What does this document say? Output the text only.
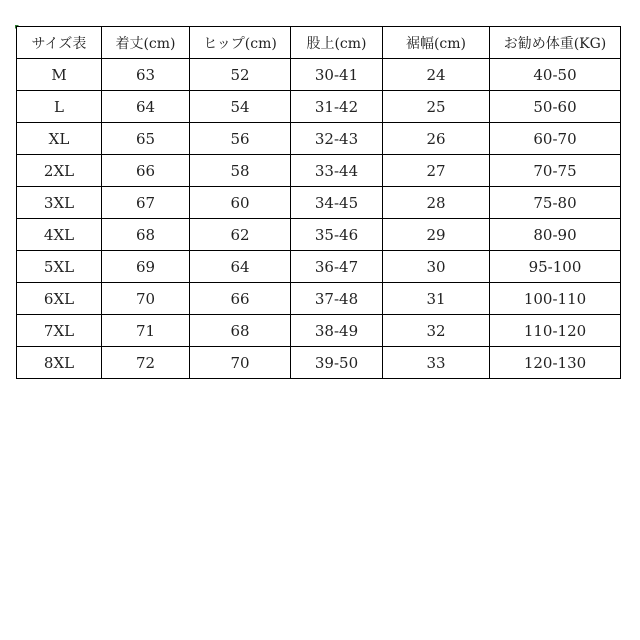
サイズ表	着丈(cm)	ヒップ(cm)	股上(cm)	裾幅(cm)	お勧め体重(KG)
M	63	52	30-41	24	40-50
L	64	54	31-42	25	50-60
XL	65	56	32-43	26	60-70
2XL	66	58	33-44	27	70-75
3XL	67	60	34-45	28	75-80
4XL	68	62	35-46	29	80-90
5XL	69	64	36-47	30	95-100
6XL	70	66	37-48	31	100-110
7XL	71	68	38-49	32	110-120
8XL	72	70	39-50	33	120-130
